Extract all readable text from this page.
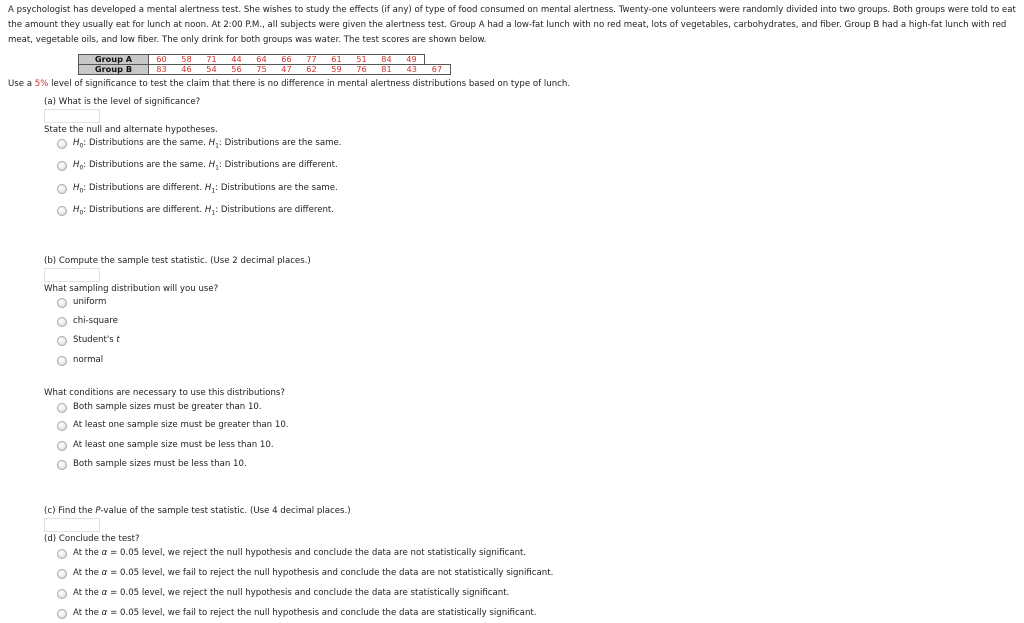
A psychologist has developed a mental alertness test. She wishes to study the effects (if any) of type of food consumed on mental alertness. Twenty-one volunteers were randomly divided into two groups. Both groups were told to eat the amount they usually eat for lunch at noon. At 2:00 P.M., all subjects were given the alertness test. Group A had a low-fat lunch with no red meat, lots of vegetables, carbohydrates, and fiber. Group B had a high-fat lunch with red meat, vegetable oils, and low fiber. The only drink for both groups was water. The test scores are shown below.
Group A	60	58	71	44	64	66	77	61	51	84	49	
Group B	83	46	54	56	75	47	62	59	76	81	43	67
Use a 5% level of significance to test the claim that there is no difference in mental alertness distributions based on type of lunch.
(a) What is the level of significance?
State the null and alternate hypotheses.
$H_0$: Distributions are the same. $H_1$: Distributions are the same.
$H_0$: Distributions are the same. $H_1$: Distributions are different.
$H_0$: Distributions are different. $H_1$: Distributions are the same.
$H_0$: Distributions are different. $H_1$: Distributions are different.
(b) Compute the sample test statistic. (Use 2 decimal places.)
What sampling distribution will you use?
uniform
chi-square
Student's t
normal
What conditions are necessary to use this distributions?
Both sample sizes must be greater than 10.
At least one sample size must be greater than 10.
At least one sample size must be less than 10.
Both sample sizes must be less than 10.
(c) Find the P-value of the sample test statistic. (Use 4 decimal places.)
(d) Conclude the test?
At the α = 0.05 level, we reject the null hypothesis and conclude the data are not statistically significant.
At the α = 0.05 level, we fail to reject the null hypothesis and conclude the data are not statistically significant.
At the α = 0.05 level, we reject the null hypothesis and conclude the data are statistically significant.
At the α = 0.05 level, we fail to reject the null hypothesis and conclude the data are statistically significant.
